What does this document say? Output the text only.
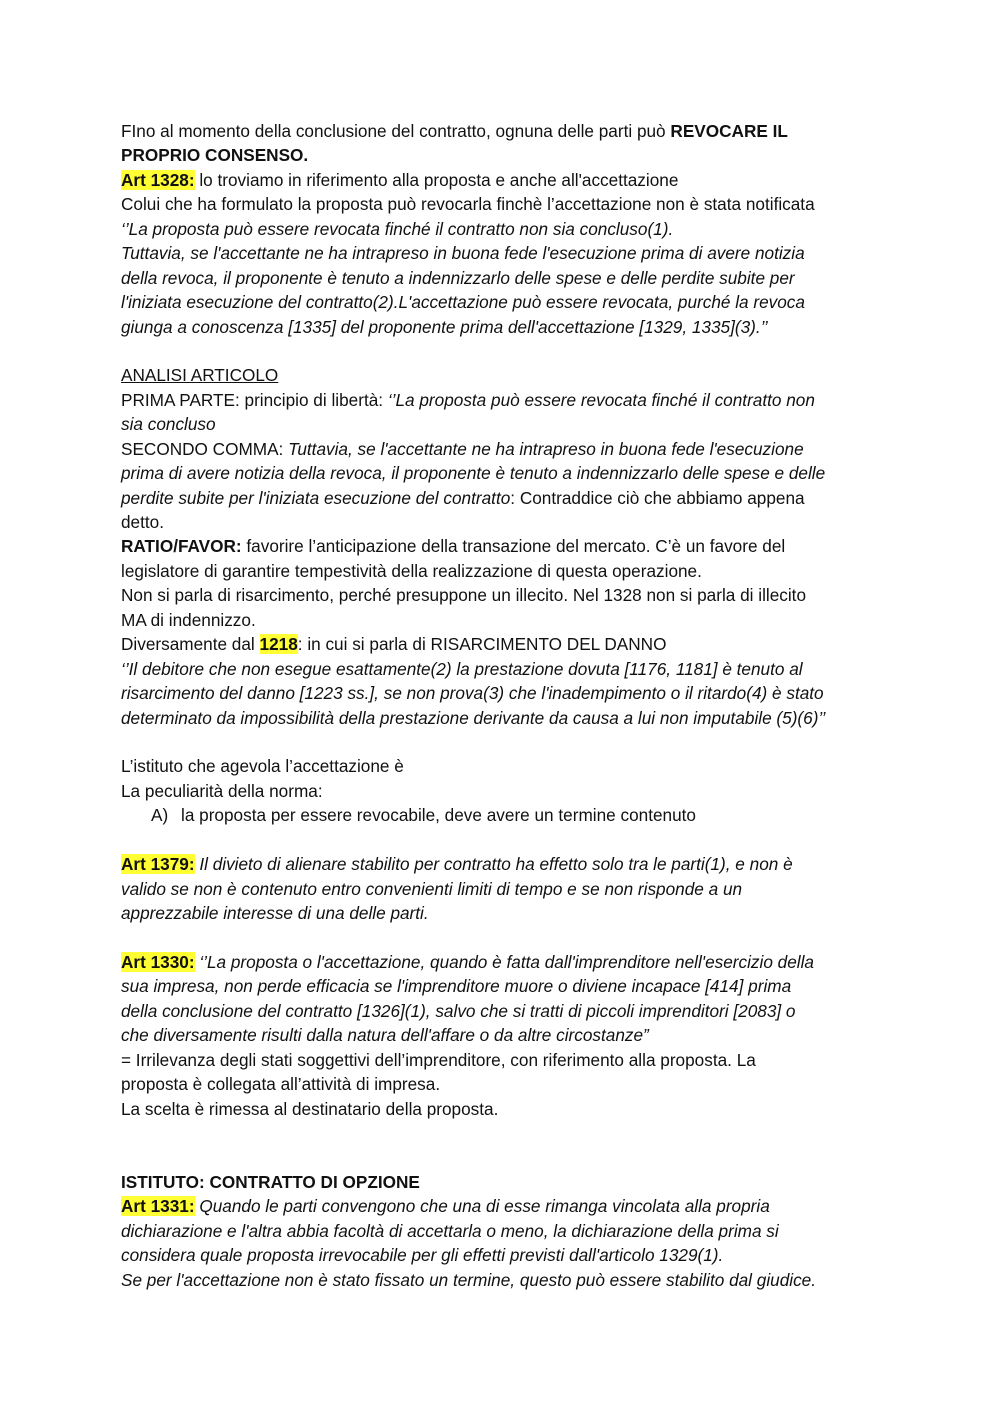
FIno al momento della conclusione del contratto, ognuna delle parti può REVOCARE IL
PROPRIO CONSENSO.
Art 1328: lo troviamo in riferimento alla proposta e anche all'accettazione
Colui che ha formulato la proposta può revocarla finchè l’accettazione non è stata notificata
‘’La proposta può essere revocata finché il contratto non sia concluso(1).
Tuttavia, se l'accettante ne ha intrapreso in buona fede l'esecuzione prima di avere notizia
della revoca, il proponente è tenuto a indennizzarlo delle spese e delle perdite subite per
l'iniziata esecuzione del contratto(2).L'accettazione può essere revocata, purché la revoca
giunga a conoscenza [1335] del proponente prima dell'accettazione [1329, 1335](3).’’
ANALISI ARTICOLO
PRIMA PARTE: principio di libertà: ‘’La proposta può essere revocata finché il contratto non
sia concluso
SECONDO COMMA: Tuttavia, se l'accettante ne ha intrapreso in buona fede l'esecuzione
prima di avere notizia della revoca, il proponente è tenuto a indennizzarlo delle spese e delle
perdite subite per l'iniziata esecuzione del contratto: Contraddice ciò che abbiamo appena
detto.
RATIO/FAVOR: favorire l’anticipazione della transazione del mercato. C’è un favore del
legislatore di garantire tempestività della realizzazione di questa operazione.
Non si parla di risarcimento, perché presuppone un illecito. Nel 1328 non si parla di illecito
MA di indennizzo.
Diversamente dal 1218: in cui si parla di RISARCIMENTO DEL DANNO
‘’Il debitore che non esegue esattamente(2) la prestazione dovuta [1176, 1181] è tenuto al
risarcimento del danno [1223 ss.], se non prova(3) che l'inadempimento o il ritardo(4) è stato
determinato da impossibilità della prestazione derivante da causa a lui non imputabile (5)(6)’’
L’istituto che agevola l’accettazione è
La peculiarità della norma:
A) la proposta per essere revocabile, deve avere un termine contenuto
Art 1379: Il divieto di alienare stabilito per contratto ha effetto solo tra le parti(1), e non è
valido se non è contenuto entro convenienti limiti di tempo e se non risponde a un
apprezzabile interesse di una delle parti.
Art 1330: ‘’La proposta o l'accettazione, quando è fatta dall'imprenditore nell'esercizio della
sua impresa, non perde efficacia se l'imprenditore muore o diviene incapace [414] prima
della conclusione del contratto [1326](1), salvo che si tratti di piccoli imprenditori [2083] o
che diversamente risulti dalla natura dell'affare o da altre circostanze”
= Irrilevanza degli stati soggettivi dell’imprenditore, con riferimento alla proposta. La
proposta è collegata all’attività di impresa.
La scelta è rimessa al destinatario della proposta.
ISTITUTO: CONTRATTO DI OPZIONE
Art 1331: Quando le parti convengono che una di esse rimanga vincolata alla propria
dichiarazione e l'altra abbia facoltà di accettarla o meno, la dichiarazione della prima si
considera quale proposta irrevocabile per gli effetti previsti dall'articolo 1329(1).
Se per l'accettazione non è stato fissato un termine, questo può essere stabilito dal giudice.
